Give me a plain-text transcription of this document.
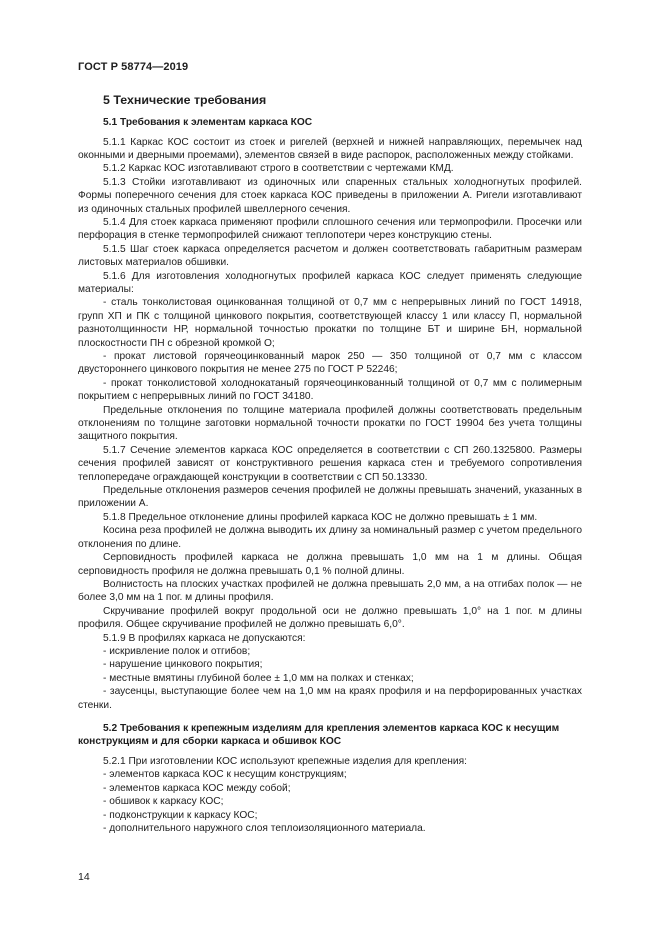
ГОСТ Р 58774—2019
5 Технические требования
5.1 Требования к элементам каркаса КОС

5.1.1 Каркас КОС состоит из стоек и ригелей (верхней и нижней направляющих, перемычек над оконными и дверными проемами), элементов связей в виде распорок, расположенных между стойками.

5.1.2 Каркас КОС изготавливают строго в соответствии с чертежами КМД.

5.1.3 Стойки изготавливают из одиночных или спаренных стальных холодногнутых профилей. Формы поперечного сечения для стоек каркаса КОС приведены в приложении А. Ригели изготавливают из одиночных стальных профилей швеллерного сечения.

5.1.4 Для стоек каркаса применяют профили сплошного сечения или термопрофили. Просечки или перфорация в стенке термопрофилей снижают теплопотери через конструкцию стены.

5.1.5 Шаг стоек каркаса определяется расчетом и должен соответствовать габаритным размерам листовых материалов обшивки.

5.1.6 Для изготовления холодногнутых профилей каркаса КОС следует применять следующие материалы:

- сталь тонколистовая оцинкованная толщиной от 0,7 мм с непрерывных линий по ГОСТ 14918, групп ХП и ПК с толщиной цинкового покрытия, соответствующей классу 1 или классу П, нормальной разнотолщинности НР, нормальной точностью прокатки по толщине БТ и ширине БН, нормальной плоскостности ПН с обрезной кромкой О;

- прокат листовой горячеоцинкованный марок 250 — 350 толщиной от 0,7 мм с классом двустороннего цинкового покрытия не менее 275 по ГОСТ Р 52246;

- прокат тонколистовой холоднокатаный горячеоцинкованный толщиной от 0,7 мм с полимерным покрытием с непрерывных линий по ГОСТ 34180.

Предельные отклонения по толщине материала профилей должны соответствовать предельным отклонениям по толщине заготовки нормальной точности прокатки по ГОСТ 19904 без учета толщины защитного покрытия.

5.1.7 Сечение элементов каркаса КОС определяется в соответствии с СП 260.1325800. Размеры сечения профилей зависят от конструктивного решения каркаса стен и требуемого сопротивления теплопередаче ограждающей конструкции в соответствии с СП 50.13330.

Предельные отклонения размеров сечения профилей не должны превышать значений, указанных в приложении А.

5.1.8 Предельное отклонение длины профилей каркаса КОС не должно превышать ± 1 мм.

Косина реза профилей не должна выводить их длину за номинальный размер с учетом предельного отклонения по длине.

Серповидность профилей каркаса не должна превышать 1,0 мм на 1 м длины. Общая серповидность профиля не должна превышать 0,1 % полной длины.

Волнистость на плоских участках профилей не должна превышать 2,0 мм, а на отгибах полок — не более 3,0 мм на 1 пог. м длины профиля.

Скручивание профилей вокруг продольной оси не должно превышать 1,0° на 1 пог. м длины профиля. Общее скручивание профилей не должно превышать 6,0°.

5.1.9 В профилях каркаса не допускаются:

- искривление полок и отгибов;

- нарушение цинкового покрытия;

- местные вмятины глубиной более ± 1,0 мм на полках и стенках;

- заусенцы, выступающие более чем на 1,0 мм на краях профиля и на перфорированных участках стенки.

5.2 Требования к крепежным изделиям для крепления элементов каркаса КОС к несущим конструкциям и для сборки каркаса и обшивок КОС

5.2.1 При изготовлении КОС используют крепежные изделия для крепления:

- элементов каркаса КОС к несущим конструкциям;

- элементов каркаса КОС между собой;

- обшивок к каркасу КОС;

- подконструкции к каркасу КОС;

- дополнительного наружного слоя теплоизоляционного материала.

14
